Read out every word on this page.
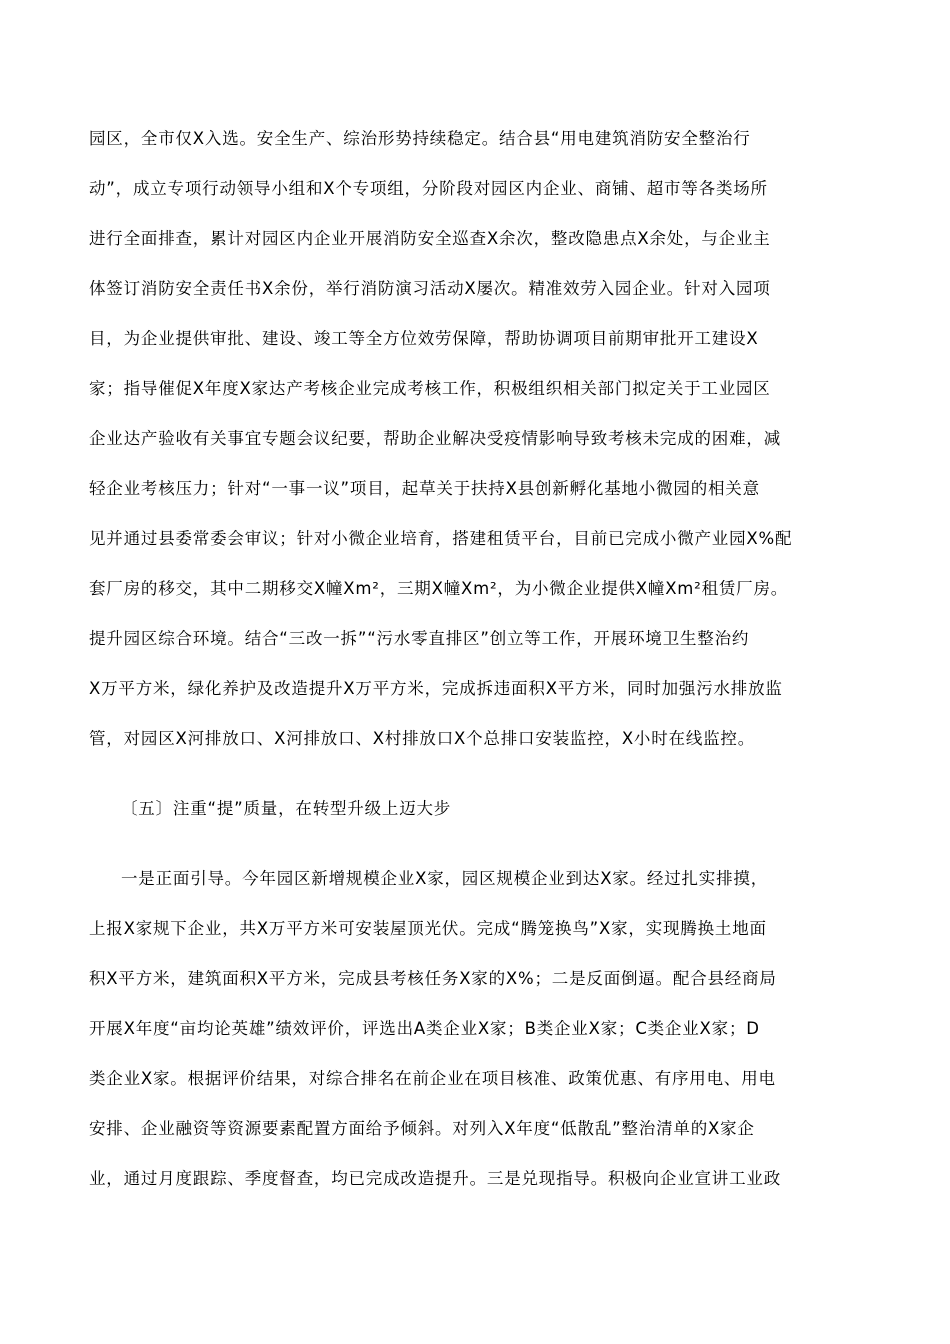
园区，全市仅X入选。安全生产、综治形势持续稳定。结合县“用电建筑消防安全整治行
动”，成立专项行动领导小组和X个专项组，分阶段对园区内企业、商铺、超市等各类场所
进行全面排查，累计对园区内企业开展消防安全巡查X余次，整改隐患点X余处，与企业主
体签订消防安全责任书X余份，举行消防演习活动X屡次。精准效劳入园企业。针对入园项
目，为企业提供审批、建设、竣工等全方位效劳保障，帮助协调项目前期审批开工建设X
家；指导催促X年度X家达产考核企业完成考核工作，积极组织相关部门拟定关于工业园区
企业达产验收有关事宜专题会议纪要，帮助企业解决受疫情影响导致考核未完成的困难，减
轻企业考核压力；针对“一事一议”项目，起草关于扶持X县创新孵化基地小微园的相关意
见并通过县委常委会审议；针对小微企业培育，搭建租赁平台，目前已完成小微产业园X%配
套厂房的移交，其中二期移交X幢Xm²，三期X幢Xm²，为小微企业提供X幢Xm²租赁厂房。
提升园区综合环境。结合“三改一拆”“污水零直排区”创立等工作，开展环境卫生整治约
X万平方米，绿化养护及改造提升X万平方米，完成拆违面积X平方米，同时加强污水排放监
管，对园区X河排放口、X河排放口、X村排放口X个总排口安装监控，X小时在线监控。
〔五〕注重“提”质量，在转型升级上迈大步
一是正面引导。今年园区新增规模企业X家，园区规模企业到达X家。经过扎实排摸，
上报X家规下企业，共X万平方米可安装屋顶光伏。完成“腾笼换鸟”X家，实现腾换土地面
积X平方米，建筑面积X平方米，完成县考核任务X家的X%；二是反面倒逼。配合县经商局
开展X年度“亩均论英雄”绩效评价，评选出A类企业X家；B类企业X家；C类企业X家；D
类企业X家。根据评价结果，对综合排名在前企业在项目核准、政策优惠、有序用电、用电
安排、企业融资等资源要素配置方面给予倾斜。对列入X年度“低散乱”整治清单的X家企
业，通过月度跟踪、季度督查，均已完成改造提升。三是兑现指导。积极向企业宣讲工业政
